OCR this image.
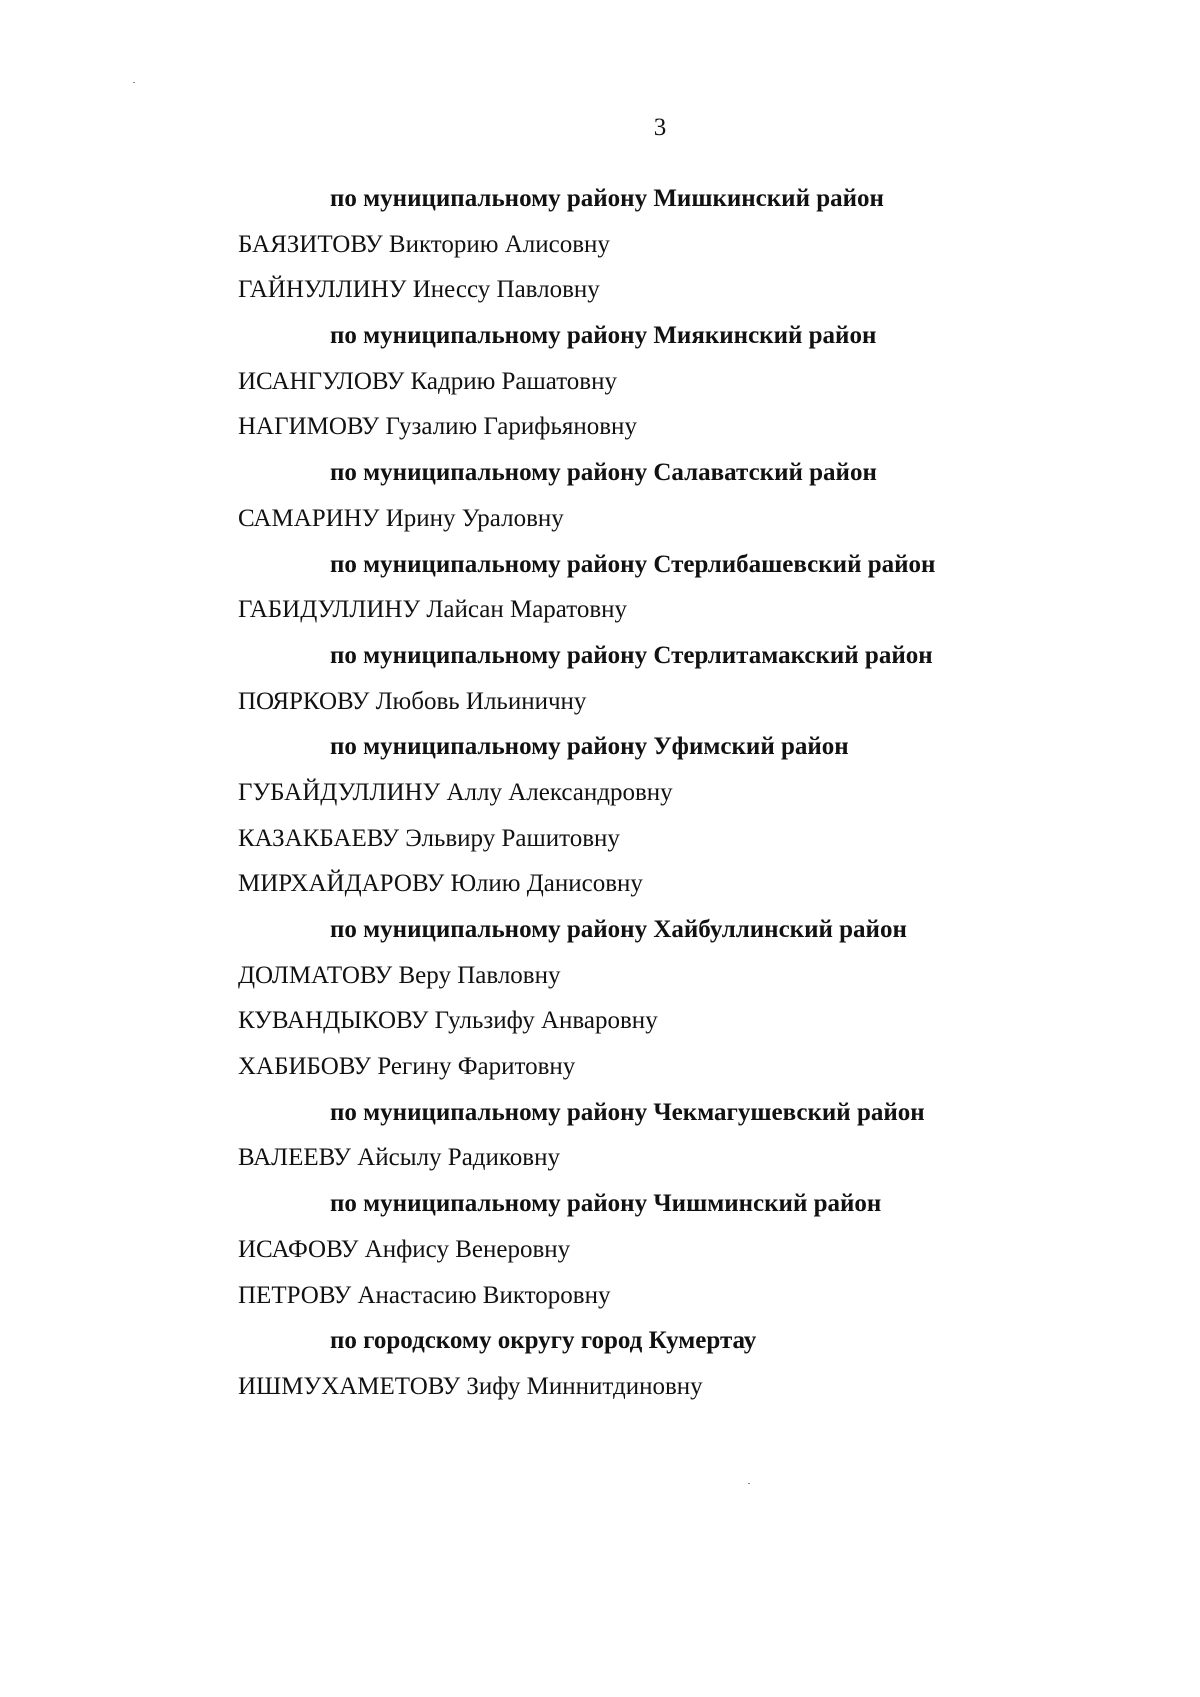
3
по муниципальному району Мишкинский район
БАЯЗИТОВУ Викторию Алисовну
ГАЙНУЛЛИНУ Инессу Павловну
по муниципальному району Миякинский район
ИСАНГУЛОВУ Кадрию Рашатовну
НАГИМОВУ Гузалию Гарифьяновну
по муниципальному району Салаватский район
САМАРИНУ Ирину Ураловну
по муниципальному району Стерлибашевский район
ГАБИДУЛЛИНУ Лайсан Маратовну
по муниципальному району Стерлитамакский район
ПОЯРКОВУ Любовь Ильиничну
по муниципальному району Уфимский район
ГУБАЙДУЛЛИНУ Аллу Александровну
КАЗАКБАЕВУ Эльвиру Рашитовну
МИРХАЙДАРОВУ Юлию Данисовну
по муниципальному району Хайбуллинский район
ДОЛМАТОВУ Веру Павловну
КУВАНДЫКОВУ Гульзифу Анваровну
ХАБИБОВУ Регину Фаритовну
по муниципальному району Чекмагушевский район
ВАЛЕЕВУ Айсылу Радиковну
по муниципальному району Чишминский район
ИСАФОВУ Анфису Венеровну
ПЕТРОВУ Анастасию Викторовну
по городскому округу город Кумертау
ИШМУХАМЕТОВУ Зифу Миннитдиновну
